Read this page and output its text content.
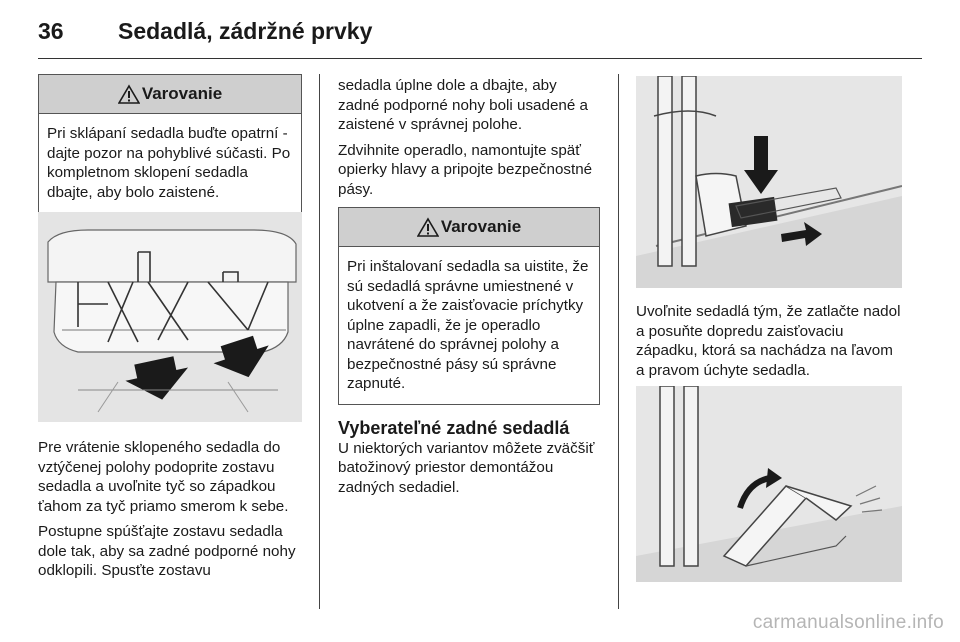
36 Sedadlá, zádržné prvky
Varovanie
Pri sklápaní sedadla buďte opatrní - dajte pozor na pohyblivé súčasti. Po kompletnom sklopení sedadla dbajte, aby bolo zaistené.

Pre vrátenie sklopeného sedadla do vztýčenej polohy podoprite zostavu sedadla a uvoľnite tyč so západkou ťahom za tyč priamo smerom k sebe.

Postupne spúšťajte zostavu sedadla dole tak, aby sa zadné podporné nohy odklopili. Spusťte zostavu

sedadla úplne dole a dbajte, aby zadné podporné nohy boli usadené a zaistené v správnej polohe.

Zdvihnite operadlo, namontujte späť opierky hlavy a pripojte bezpečnostné pásy.

Varovanie
Pri inštalovaní sedadla sa uistite, že sú sedadlá správne umiestnené v ukotvení a že zaisťovacie príchytky úplne zapadli, že je operadlo navrátené do správnej polohy a bezpečnostné pásy sú správne zapnuté.

Vyberateľné zadné sedadlá

U niektorých variantov môžete zväčšiť batožinový priestor demontážou zadných sedadiel.

Uvoľnite sedadlá tým, že zatlačte nadol a posuňte dopredu zaisťovaciu západku, ktorá sa nachádza na ľavom a pravom úchyte sedadla.

carmanualsonline.info
